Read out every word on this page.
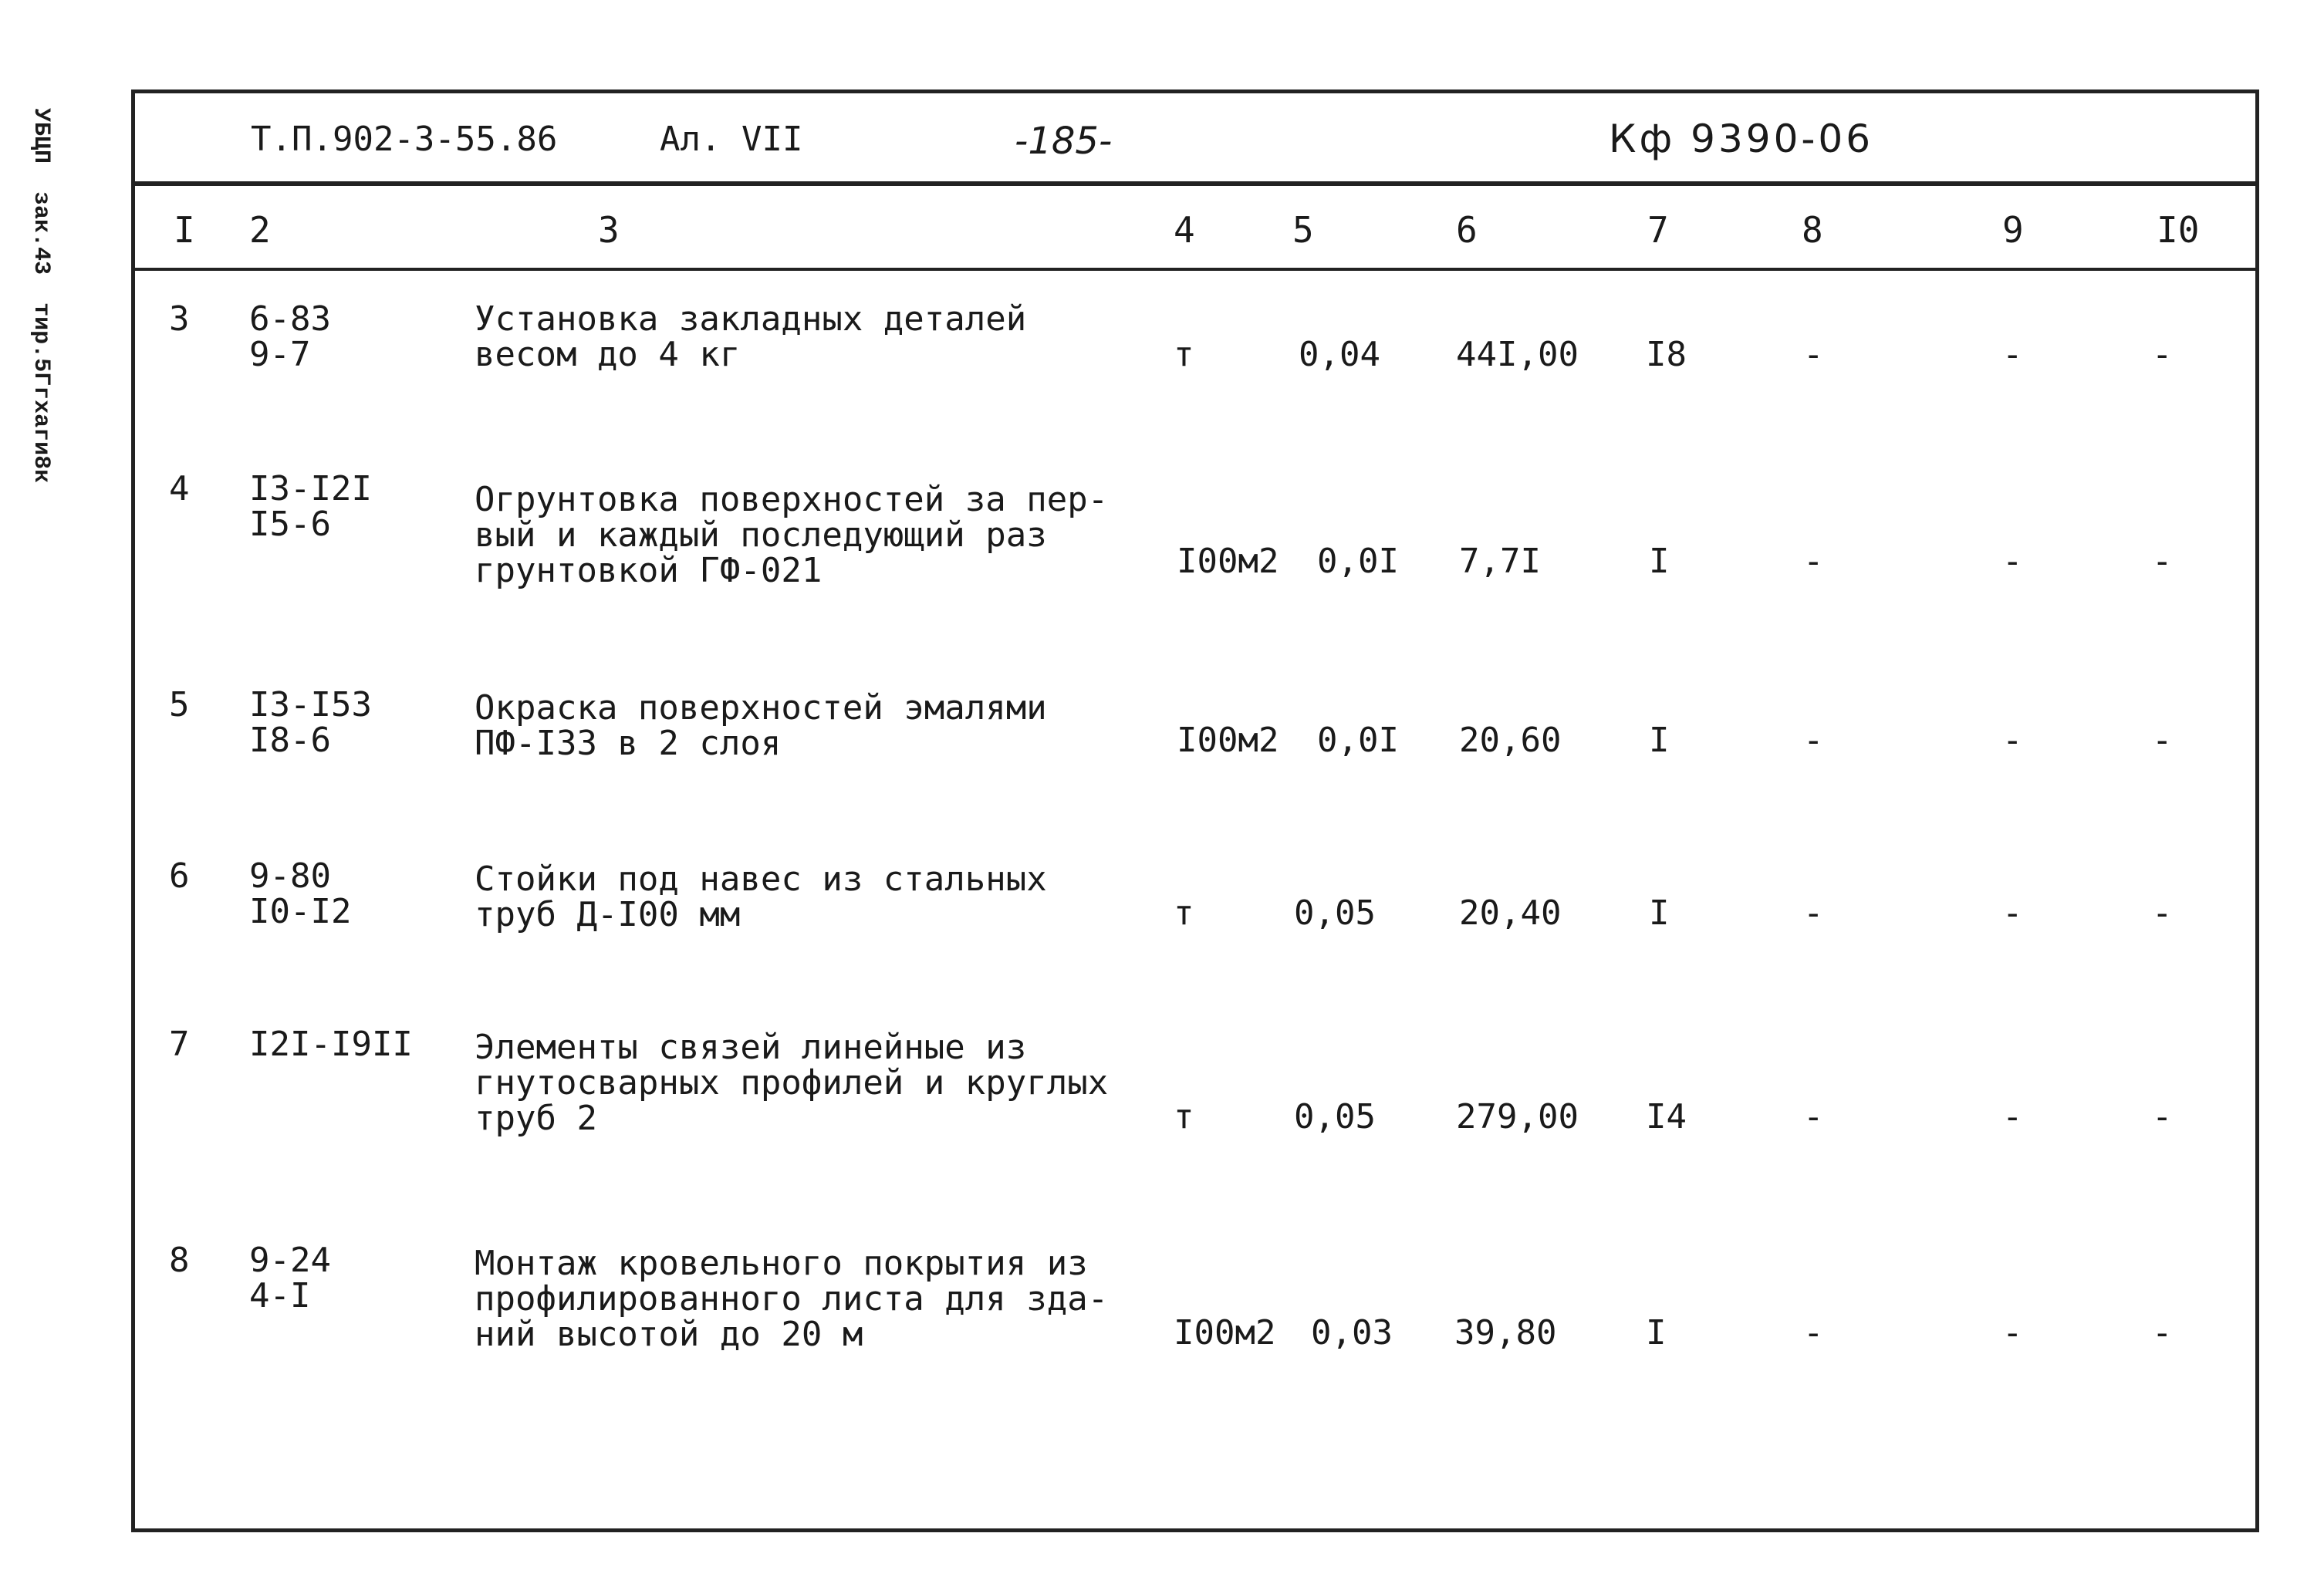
УБЦП зак.43 тир.5Ггхаги8к
Т.П.902-3-55.86	Ал. VII	-185-	Кф 9390-06
I 2	3	4	5	6	7	8	9	I0
3 6-83
9-7
Установка закладных деталей
весом до 4 кг	т	0,04 44I,00 I8	-	-	-
4 I3-I2I
I5-6
Огрунтовка поверхностей за пер-
вый и каждый последующий раз
грунтовкой ГФ-021	I00м2 0,0I 7,7I	I	-	-	-
5 I3-I53
I8-6
Окраска поверхностей эмалями
ПФ-I33 в 2 слоя	I00м2 0,0I 20,60	I	-	-	-
6 9-80
I0-I2
Стойки под навес из стальных
труб Д-I00 мм	т	0,05 20,40	I	-	-	-
7 I2I-I9II Элементы связей линейные из
гнутосварных профилей и круглых
труб 2	т	0,05 279,00 I4	-	-	-
8 9-24
4-I
Монтаж кровельного покрытия из
профилированного листа для зда-
ний высотой до 20 м	I00м2 0,03 39,80	I	-	-	-
